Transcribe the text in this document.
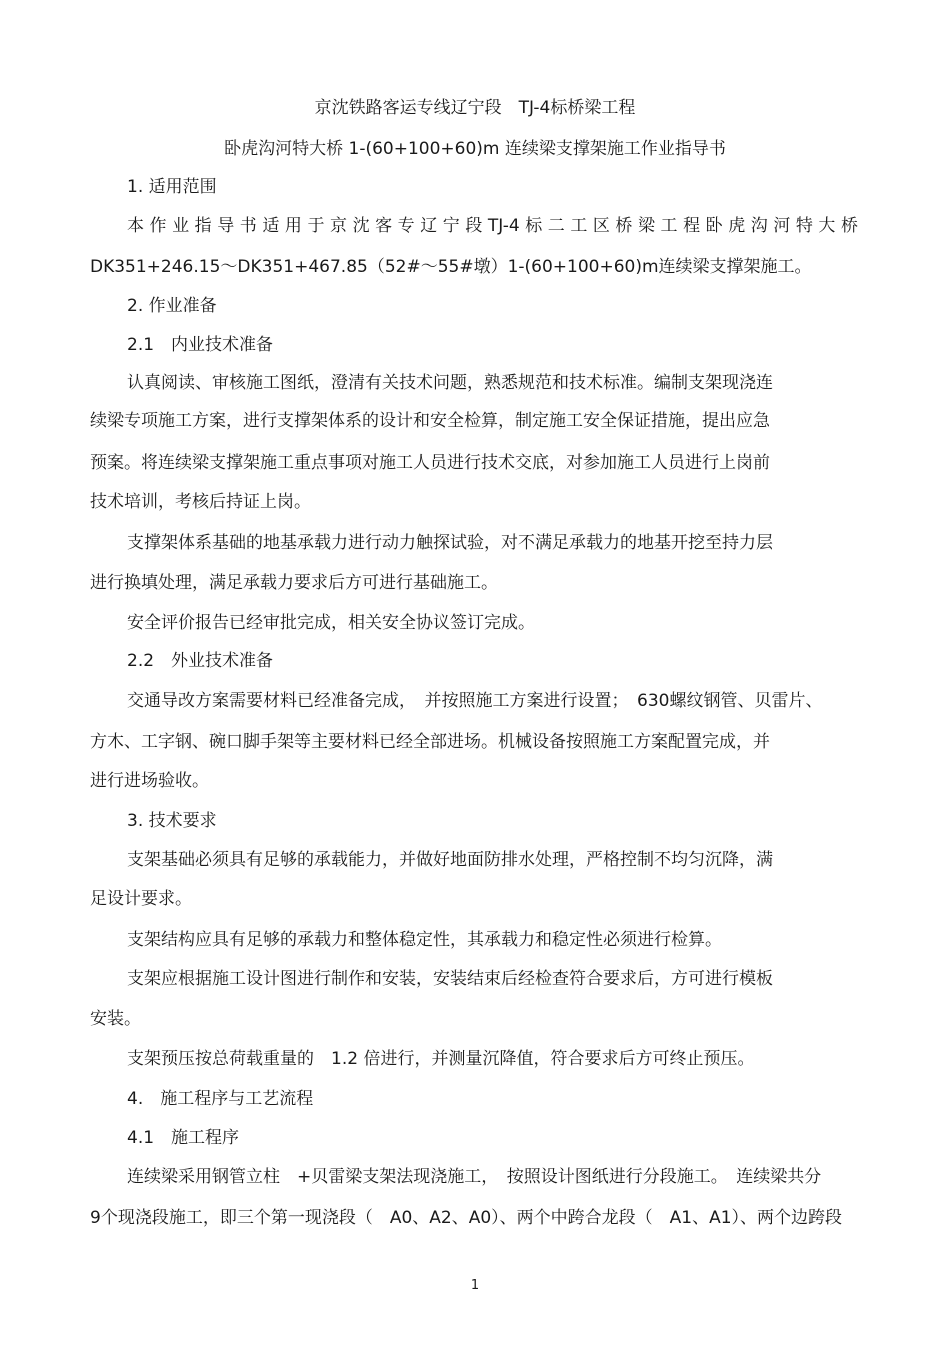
京沈铁路客运专线辽宁段　TJ-4标桥梁工程
卧虎沟河特大桥 1-(60+100+60)m 连续梁支撑架施工作业指导书
1. 适用范围
本作业指导书适用于京沈客专辽宁段TJ-4标二工区桥梁工程卧虎沟河特大桥
DK351+246.15～DK351+467.85（52#～55#墩）1-(60+100+60)m连续梁支撑架施工。
2. 作业准备
2.1　内业技术准备
认真阅读、审核施工图纸，澄清有关技术问题，熟悉规范和技术标准。编制支架现浇连
续梁专项施工方案，进行支撑架体系的设计和安全检算，制定施工安全保证措施，提出应急
预案。将连续梁支撑架施工重点事项对施工人员进行技术交底，对参加施工人员进行上岗前
技术培训，考核后持证上岗。
支撑架体系基础的地基承载力进行动力触探试验，对不满足承载力的地基开挖至持力层
进行换填处理，满足承载力要求后方可进行基础施工。
安全评价报告已经审批完成，相关安全协议签订完成。
2.2　外业技术准备
交通导改方案需要材料已经准备完成，　并按照施工方案进行设置；　630螺纹钢管、贝雷片、
方木、工字钢、碗口脚手架等主要材料已经全部进场。机械设备按照施工方案配置完成，并
进行进场验收。
3. 技术要求
支架基础必须具有足够的承载能力，并做好地面防排水处理，严格控制不均匀沉降，满
足设计要求。
支架结构应具有足够的承载力和整体稳定性，其承载力和稳定性必须进行检算。
支架应根据施工设计图进行制作和安装，安装结束后经检查符合要求后，方可进行模板
安装。
支架预压按总荷载重量的　1.2 倍进行，并测量沉降值，符合要求后方可终止预压。
4.　施工程序与工艺流程
4.1　施工程序
连续梁采用钢管立柱　+贝雷梁支架法现浇施工，　按照设计图纸进行分段施工。　连续梁共分
9个现浇段施工，即三个第一现浇段（　A0、A2、A0）、两个中跨合龙段（　A1、A1）、两个边跨段
1
